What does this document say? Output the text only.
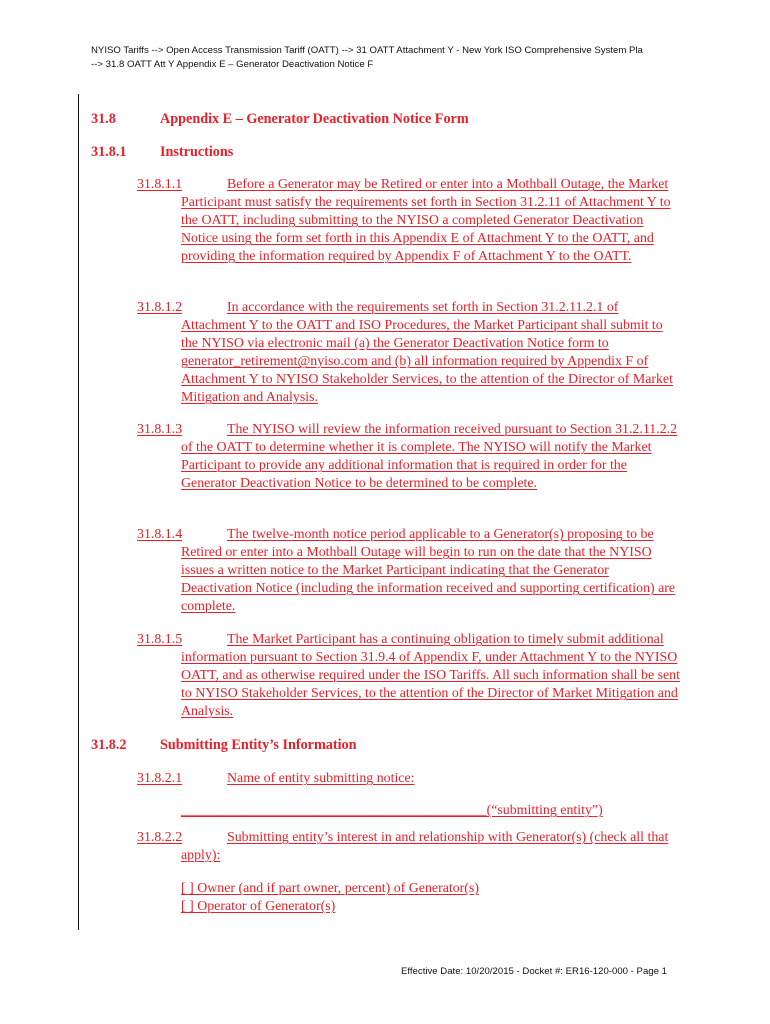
NYISO Tariffs --> Open Access Transmission Tariff (OATT) --> 31 OATT Attachment Y - New York ISO Comprehensive System Pla
--> 31.8 OATT Att Y Appendix E – Generator Deactivation Notice F
31.8	Appendix E – Generator Deactivation Notice Form
31.8.1 Instructions
31.8.1.1	Before a Generator may be Retired or enter into a Mothball Outage, the Market Participant must satisfy the requirements set forth in Section 31.2.11 of Attachment Y to the OATT, including submitting to the NYISO a completed Generator Deactivation Notice using the form set forth in this Appendix E of Attachment Y to the OATT, and providing the information required by Appendix F of Attachment Y to the OATT.
31.8.1.2	In accordance with the requirements set forth in Section 31.2.11.2.1 of Attachment Y to the OATT and ISO Procedures, the Market Participant shall submit to the NYISO via electronic mail (a) the Generator Deactivation Notice form to generator_retirement@nyiso.com and (b) all information required by Appendix F of Attachment Y to NYISO Stakeholder Services, to the attention of the Director of Market Mitigation and Analysis.
31.8.1.3	The NYISO will review the information received pursuant to Section 31.2.11.2.2 of the OATT to determine whether it is complete. The NYISO will notify the Market Participant to provide any additional information that is required in order for the Generator Deactivation Notice to be determined to be complete.
31.8.1.4	The twelve-month notice period applicable to a Generator(s) proposing to be Retired or enter into a Mothball Outage will begin to run on the date that the NYISO issues a written notice to the Market Participant indicating that the Generator Deactivation Notice (including the information received and supporting certification) are complete.
31.8.1.5	The Market Participant has a continuing obligation to timely submit additional information pursuant to Section 31.9.4 of Appendix F, under Attachment Y to the NYISO OATT, and as otherwise required under the ISO Tariffs. All such information shall be sent to NYISO Stakeholder Services, to the attention of the Director of Market Mitigation and Analysis.
31.8.2 Submitting Entity’s Information
31.8.2.1	Name of entity submitting notice:
____________________________________________(“submitting entity”)
31.8.2.2	Submitting entity’s interest in and relationship with Generator(s) (check all that apply):
[ ] Owner (and if part owner, percent) of Generator(s)
[ ] Operator of Generator(s)
Effective Date: 10/20/2015 - Docket #: ER16-120-000 - Page 1
